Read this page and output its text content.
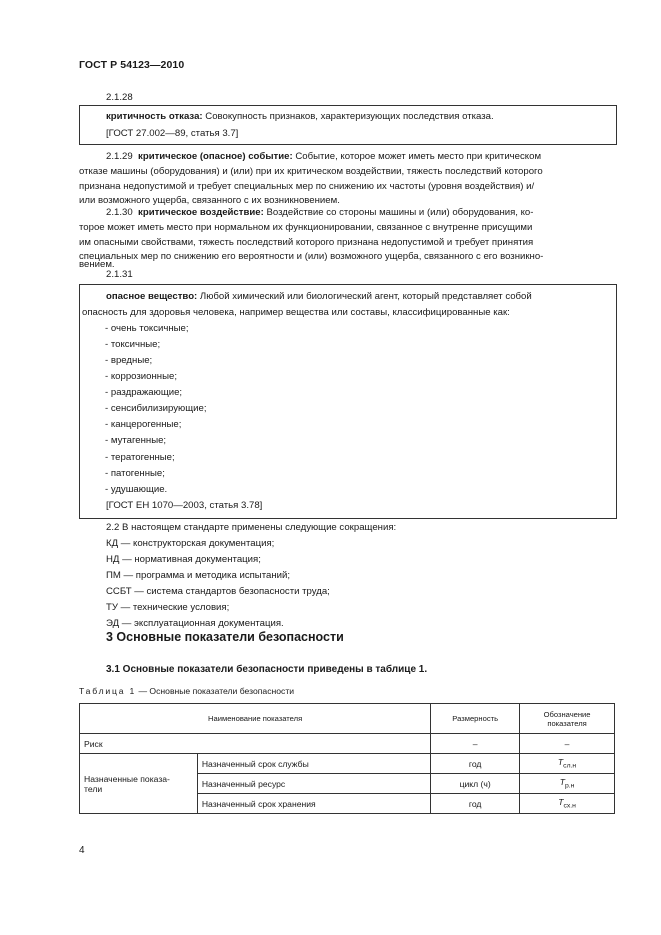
ГОСТ Р 54123—2010
2.1.28
критичность отказа: Совокупность признаков, характеризующих последствия отказа.
[ГОСТ 27.002—89, статья 3.7]
2.1.29 критическое (опасное) событие: Событие, которое может иметь место при критическом
отказе машины (оборудования) и (или) при их критическом воздействии, тяжесть последствий которого
признана недопустимой и требует специальных мер по снижению их частоты (уровня воздействия) и/
или возможного ущерба, связанного с их возникновением.
2.1.30 критическое воздействие: Воздействие со стороны машины и (или) оборудования, ко-
торое может иметь место при нормальном их функционировании, связанное с внутренне присущими
им опасными свойствами, тяжесть последствий которого признана недопустимой и требует принятия
специальных мер по снижению его вероятности и (или) возможного ущерба, связанного с его возникно-
вением.
2.1.31
опасное вещество: Любой химический или биологический агент, который представляет собой
опасность для здоровья человека, например вещества или составы, классифицированные как:
- очень токсичные;
- токсичные;
- вредные;
- коррозионные;
- раздражающие;
- сенсибилизирующие;
- канцерогенные;
- мутагенные;
- тератогенные;
- патогенные;
- удушающие.
[ГОСТ ЕН 1070—2003, статья 3.78]
2.2 В настоящем стандарте применены следующие сокращения:
КД — конструкторская документация;
НД — нормативная документация;
ПМ — программа и методика испытаний;
ССБТ — система стандартов безопасности труда;
ТУ — технические условия;
3 Основные показатели безопасности
3.1 Основные показатели безопасности приведены в таблице 1.
Таблица 1 — Основные показатели безопасности
Наименование показателя		Размерность	Обозначение
показателя
Риск		–	–
Назначенные показа-
тели	Назначенный срок службы	год	$T_{сл.н}$
	Назначенный ресурс	цикл (ч)	$T_{р.н}$
	Назначенный срок хранения	год	$T_{сх.н}$
4
ЭД — эксплуатационная документация.
